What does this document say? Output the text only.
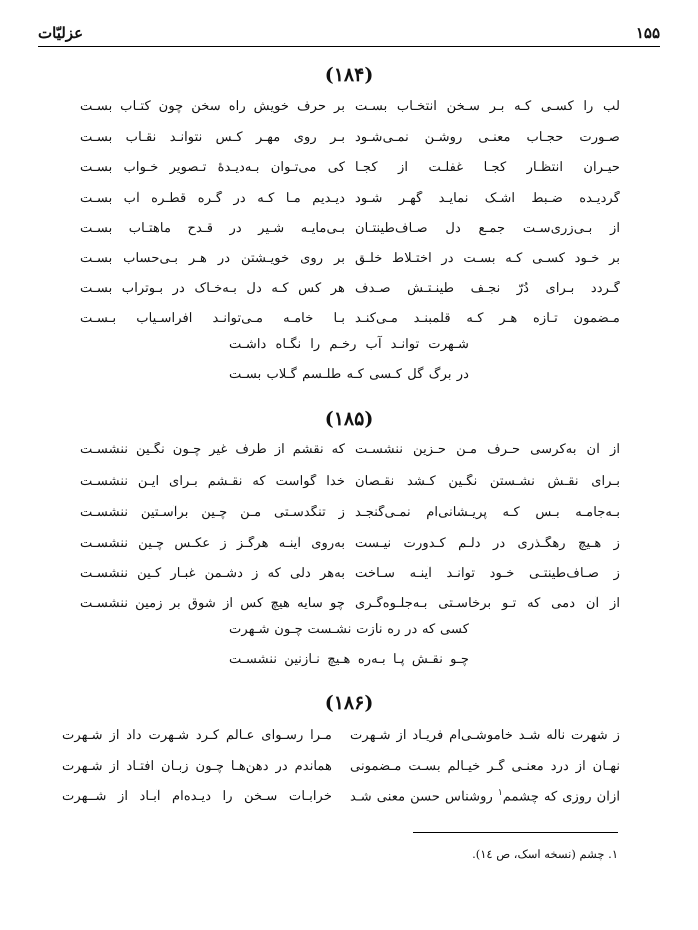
۱۵۵
عزلیّات
(۱۸۴)
لب را کسـی کـه بـر سـخن انتخـاب بسـت
بر حرف خویش راه سخن چون کتـاب بسـت
صـورت حجـاب معنـی روشـن نمـی‌شـود
بـر روی مهـر کـس نتوانـد نقـاب بسـت
حیـران انتظـار کجـا غفلـت از کجـا
کی می‌تـوان بـه‌دیـدهٔ تـصویر خـواب بسـت
گردیـده ضـبط اشـک نمایـد گهـر شـود
دیـدیم مـا کـه در گـره قطـره آب بسـت
از بـی‌زری‌سـت جمـع دل صـاف‌طینتـان
بـی‌مایـه شـیر در قـدح ماهتـاب بسـت
بر خـود کسـی کـه بسـت در اختـلاط خلـق
بر روی خویـشتن در هـر بـی‌حساب بسـت
گـردد بـرای دُرّ نجـف طینـتـش صـدف
هر کس کـه دل بـه‌خـاک در بـوتراب بسـت
مـضمون تـازه هـر کـه قلمبنـد مـی‌کنـد
بـا خامـه مـی‌توانـد افراسـیاب بـسـت
شـهرت توانـد آب رخـم را نگـاه داشـت
در برگ گل کـسی کـه طلـسم گـلاب بسـت
(۱۸۵)
از آن به‌کرسی حـرف مـن حـزین ننشسـت
که نقشم از طرف غیر چـون نگـین ننشسـت
بـرای نقـش نشـستن نگـین کـشد نقـصان
خدا گواست که نقـشم بـرای ایـن ننشسـت
بـه‌جامـه بـس کـه پریـشانی‌ام نمـی‌گنجـد
ز تنگدسـتی مـن چـین برآسـتین ننشسـت
ز هـیچ رهگـذری در دلـم کـدورت نیـست
به‌روی آینـه هرگـز ز عکـس چـین ننشسـت
ز صـاف‌طینتـی خـود توانـد آینـه سـاخت
به‌هر دلی که ز دشـمن غبـار کـین ننشسـت
از آن دمی که تـو برخاسـتی بـه‌جلـوه‌گـری
چو سایه هیچ کس از شوق بر زمین ننشسـت
کسی که در ره نازت نشـست چـون شـهرت
چـو نقـش پـا بـه‌ره هـیچ نـازنین ننشسـت
(۱۸۶)
ز شهرت ناله شـد خاموشـی‌ام فریـاد از شـهرت
مـرا رسـوای عـالم کـرد شـهرت داد از شـهرت
نهـان از درد معنـی گـر خیـالم بسـت مـضمونی
هماندم در دهن‌هـا چـون زبـان افتـاد از شـهرت
ازان روزی که چشمم$^۱$ روشناس حسن معنی شـد
خرابـات سـخن را دیـده‌ام آبـاد از شــهرت
۱. چشم (نسخه اسک، ص ۱٤).
